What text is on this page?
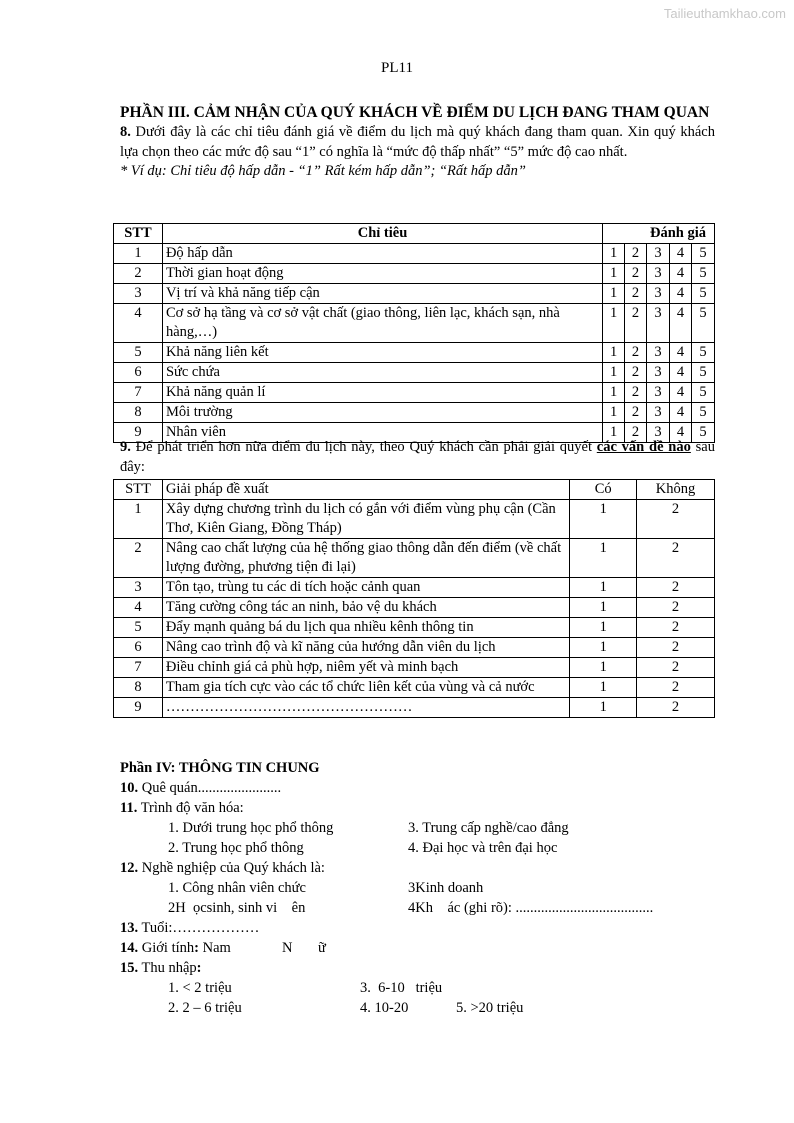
Tailieuthamkhao.com
PL11
PHẦN III. CẢM NHẬN CỦA QUÝ KHÁCH VỀ ĐIỂM DU LỊCH ĐANG THAM QUAN

8. Dưới đây là các chỉ tiêu đánh giá về điểm du lịch mà quý khách đang tham quan. Xin quý khách lựa chọn theo các mức độ sau “1” có nghĩa là “mức độ thấp nhất” “5” mức độ cao nhất.

* Ví dụ: Chỉ tiêu độ hấp dẫn - “1” Rất kém hấp dẫn”; “Rất hấp dẫn”

STT	Chỉ tiêu	Đánh giá				
1	Độ hấp dẫn	1	2	3	4	5
2	Thời gian hoạt động	1	2	3	4	5
3	Vị trí và khả năng tiếp cận	1	2	3	4	5
4	Cơ sở hạ tầng và cơ sở vật chất (giao thông, liên lạc, khách sạn, nhà hàng,…)	1	2	3	4	5
5	Khả năng liên kết	1	2	3	4	5
6	Sức chứa	1	2	3	4	5
7	Khả năng quản lí	1	2	3	4	5
8	Môi trường	1	2	3	4	5
9	Nhân viên	1	2	3	4	5

9. Để phát triển hơn nữa điểm du lịch này, theo Quý khách cần phải giải quyết các vấn đề nào sau đây:

STT	Giải pháp đề xuất	Có	Không
1	Xây dựng chương trình du lịch có gắn với điểm vùng phụ cận (Cần Thơ, Kiên Giang, Đồng Tháp)	1	2
2	Nâng cao chất lượng của hệ thống giao thông dẫn đến điểm (về chất lượng đường, phương tiện đi lại)	1	2
3	Tôn tạo, trùng tu các di tích hoặc cảnh quan	1	2
4	Tăng cường công tác an ninh, bảo vệ du khách	1	2
5	Đẩy mạnh quảng bá du lịch qua nhiều kênh thông tin	1	2
6	Nâng cao trình độ và kĩ năng của hướng dẫn viên du lịch	1	2
7	Điều chỉnh giá cả phù hợp, niêm yết và minh bạch	1	2
8	Tham gia tích cực vào các tổ chức liên kết của vùng và cả nước	1	2
9	……………………………………………	1	2
Phần IV: THÔNG TIN CHUNG
10. Quê quán.......................
11. Trình độ văn hóa:
1. Dưới trung học phổ thông	3. Trung cấp nghề/cao đẳng
2. Trung học phổ thông	4. Đại học và trên đại học
12. Nghề nghiệp của Quý khách là:
1. Công nhân viên chức	3Kinh doanh
2H  ọcsinh, sinh vi    ên	4Kh    ác (ghi rõ): ......................................
13. Tuổi:………………
14. Giới tính: Nam	N ữ
15. Thu nhập:
1. < 2 triệu	3.  6-10   triệu
2. 2 – 6 triệu	4. 10-20	5. >20 triệu
